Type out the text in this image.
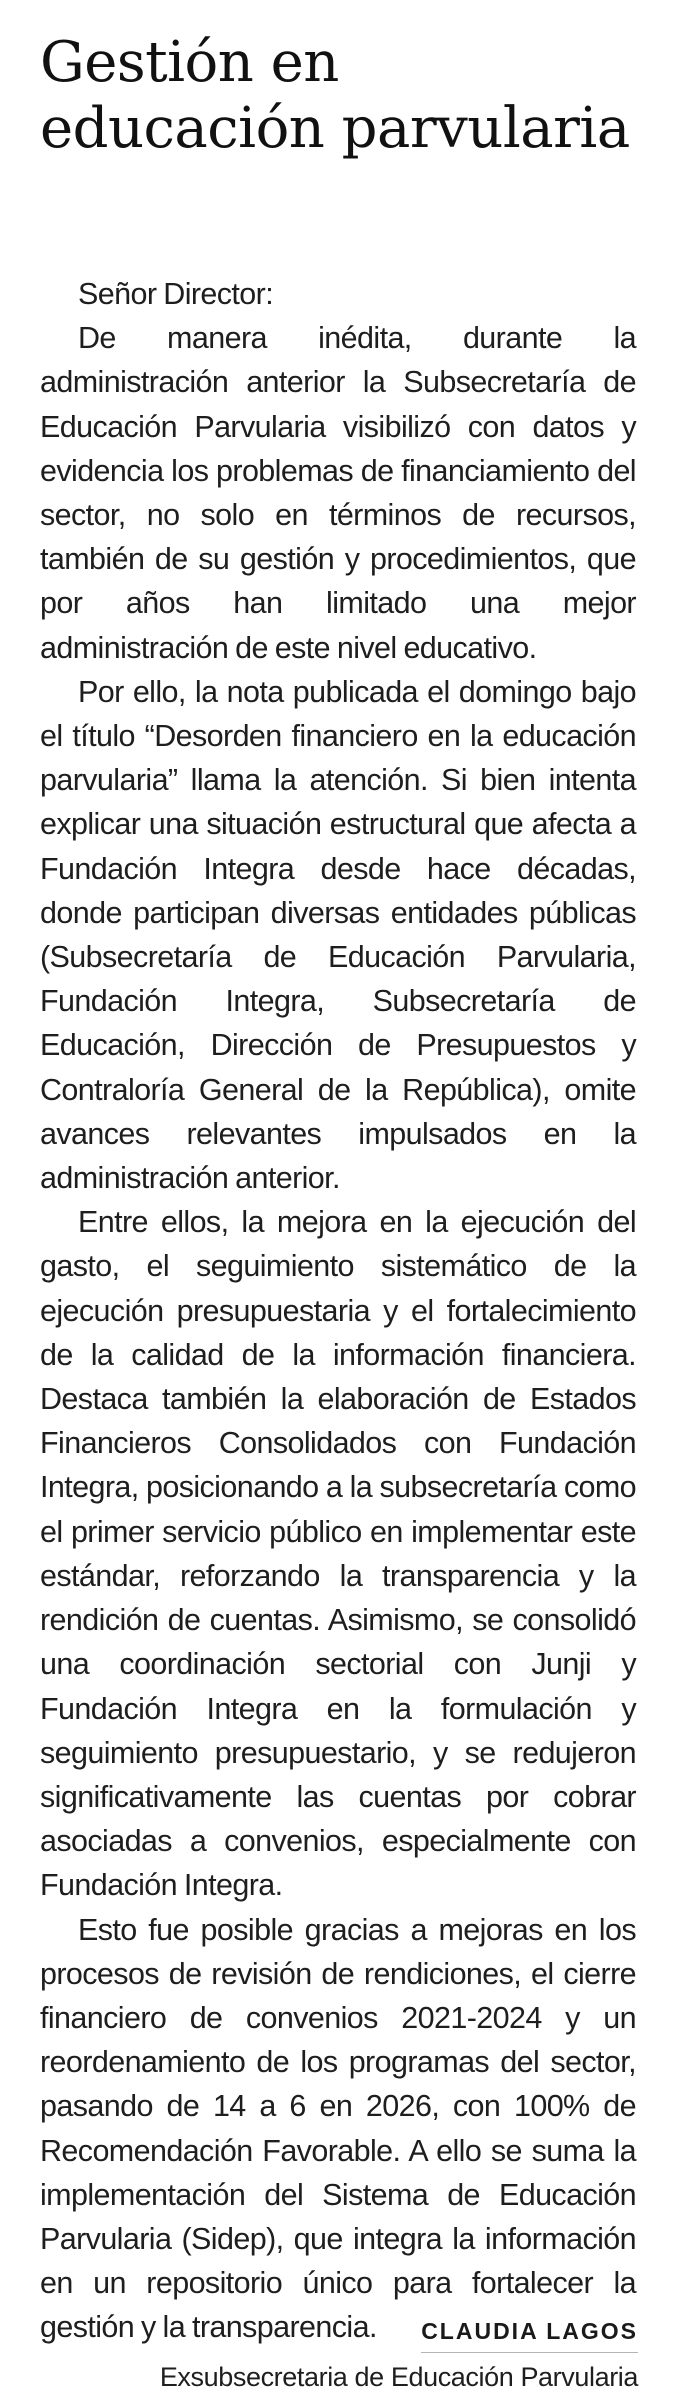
Gestión en
educación parvularia
Señor Director:

De manera inédita, durante la administración anterior la Subsecretaría de Educación Parvularia visibilizó con datos y evidencia los problemas de financiamiento del sector, no solo en términos de recursos, también de su gestión y procedimientos, que por años han limitado una mejor administración de este nivel educativo.

Por ello, la nota publicada el domingo bajo el título “Desorden financiero en la educación parvularia” llama la atención. Si bien intenta explicar una situación estructural que afecta a Fundación Integra desde hace décadas, donde participan diversas entidades públicas (Subsecretaría de Educación Parvularia, Fundación Integra, Subsecretaría de Educación, Dirección de Presupuestos y Contraloría General de la República), omite avances relevantes impulsados en la administración anterior.

Entre ellos, la mejora en la ejecución del gasto, el seguimiento sistemático de la ejecución presupuestaria y el fortalecimiento de la calidad de la información financiera. Destaca también la elaboración de Estados Financieros Consolidados con Fundación Integra, posicionando a la subsecretaría como el primer servicio público en implementar este estándar, reforzando la transparencia y la rendición de cuentas. Asimismo, se consolidó una coordinación sectorial con Junji y Fundación Integra en la formulación y seguimiento presupuestario, y se redujeron significativamente las cuentas por cobrar asociadas a convenios, especialmente con Fundación Integra.

Esto fue posible gracias a mejoras en los procesos de revisión de rendiciones, el cierre financiero de convenios 2021-2024 y un reordenamiento de los programas del sector, pasando de 14 a 6 en 2026, con 100% de Recomendación Favorable. A ello se suma la implementación del Sistema de Educación Parvularia (Sidep), que integra la información en un repositorio único para fortalecer la gestión y la transparencia.	CLAUDIA LAGOS
Exsubsecretaria de Educación Parvularia
